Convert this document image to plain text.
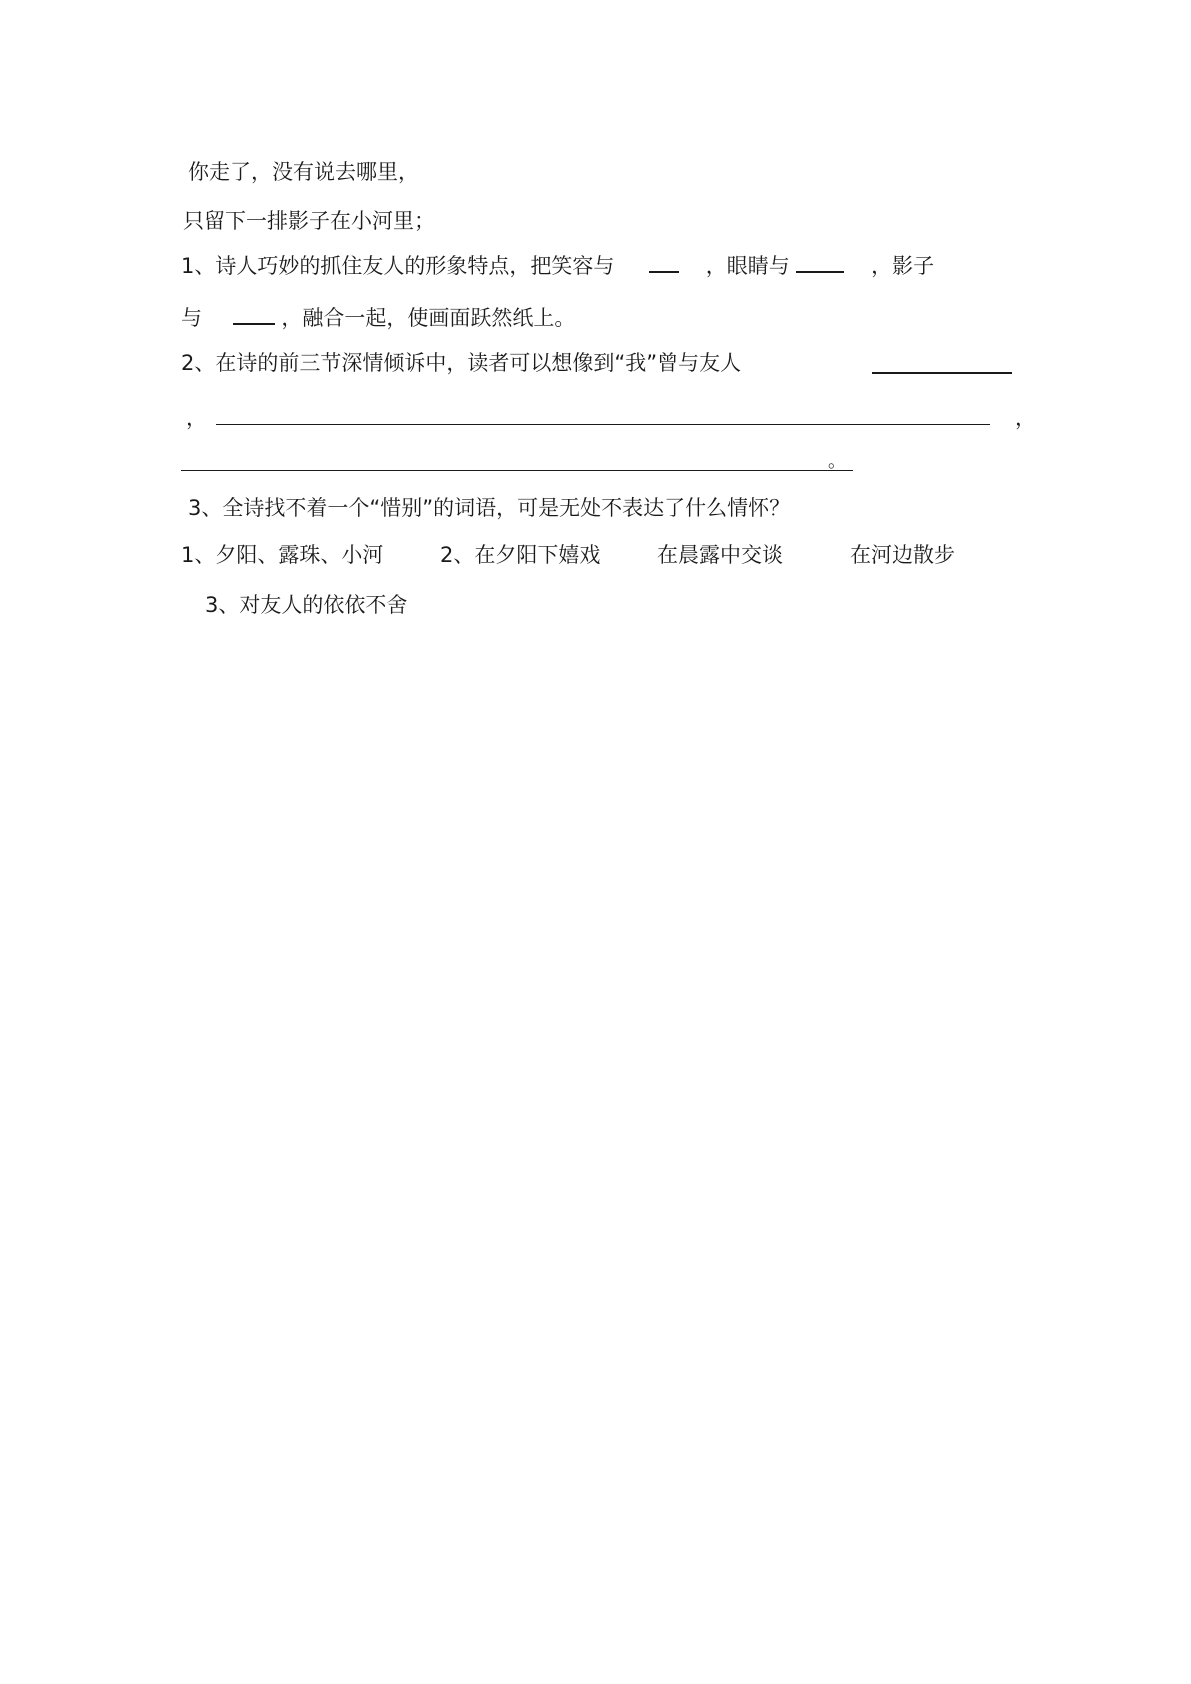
你走了，没有说去哪里，
只留下一排影子在小河里；
1、诗人巧妙的抓住友人的形象特点，把笑容与	，眼睛与	，影子
与	，融合一起，使画面跃然纸上。
2、在诗的前三节深情倾诉中，读者可以想像到“我”曾与友人
，	，
。
3、全诗找不着一个“惜别”的词语，可是无处不表达了什么情怀？
1、夕阳、露珠、小河	2、在夕阳下嬉戏	在晨露中交谈	在河边散步
3、对友人的依依不舍
